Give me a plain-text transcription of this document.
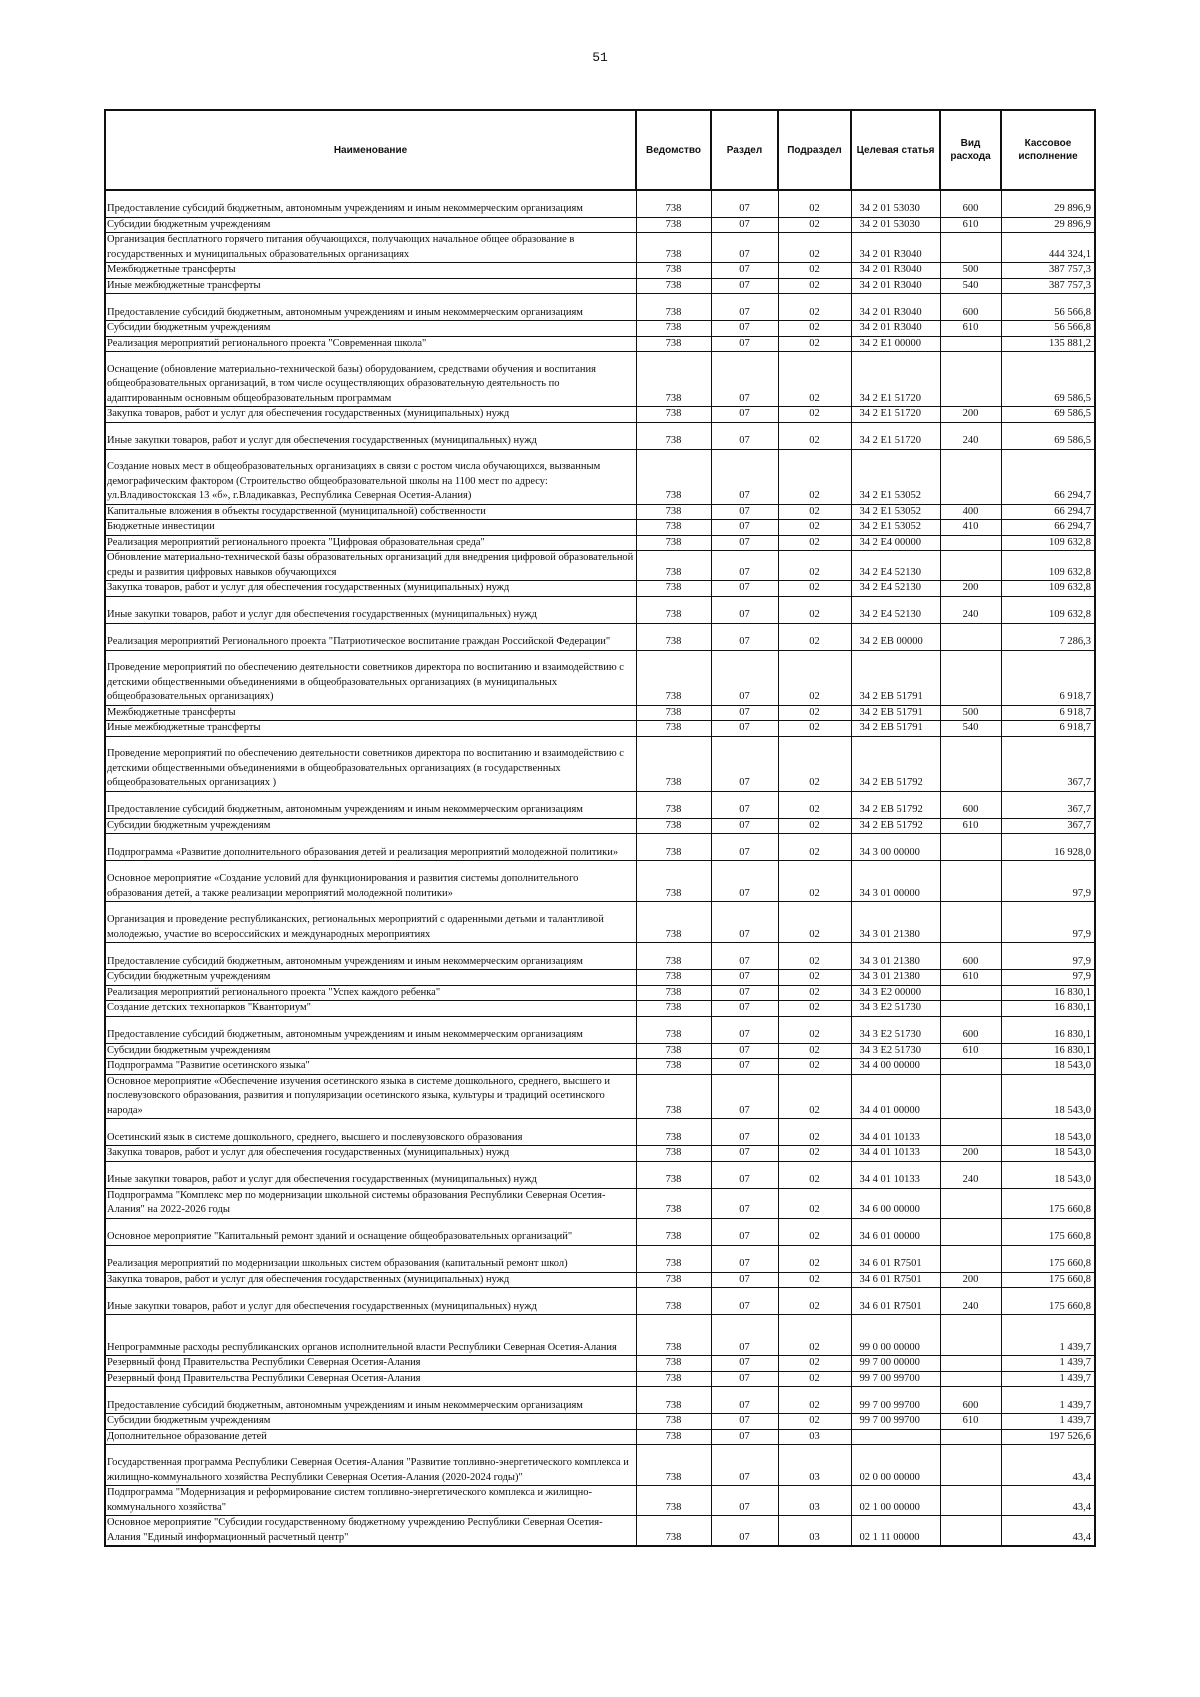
51
Наименование	Ведомство	Раздел	Подраздел	Целевая статья	Вид расхода	Кассовое исполнение
Предоставление субсидий бюджетным, автономным учреждениям и иным некоммерческим организациям	738	07	02	34 2 01 53030	600	29 896,9
Субсидии бюджетным учреждениям	738	07	02	34 2 01 53030	610	29 896,9
Организация бесплатного горячего питания обучающихся, получающих начальное общее образование в государственных и муниципальных образовательных организациях	738	07	02	34 2 01 R3040		444 324,1
Межбюджетные трансферты	738	07	02	34 2 01 R3040	500	387 757,3
Иные межбюджетные трансферты	738	07	02	34 2 01 R3040	540	387 757,3
Предоставление субсидий бюджетным, автономным учреждениям и иным некоммерческим организациям	738	07	02	34 2 01 R3040	600	56 566,8
Субсидии бюджетным учреждениям	738	07	02	34 2 01 R3040	610	56 566,8
Реализация мероприятий регионального проекта "Современная школа"	738	07	02	34 2 E1 00000		135 881,2
Оснащение (обновление материально-технической базы) оборудованием, средствами обучения и воспитания общеобразовательных организаций, в том числе осуществляющих образовательную деятельность по адаптированным основным общеобразовательным программам	738	07	02	34 2 E1 51720		69 586,5
Закупка товаров, работ и услуг для обеспечения государственных (муниципальных) нужд	738	07	02	34 2 E1 51720	200	69 586,5
Иные закупки товаров, работ и услуг для обеспечения государственных (муниципальных) нужд	738	07	02	34 2 E1 51720	240	69 586,5
Создание новых мест в общеобразовательных организациях в связи с ростом числа обучающихся, вызванным демографическим фактором (Строительство общеобразовательной школы на 1100 мест по адресу: ул.Владивостокская 13 «б», г.Владикавказ, Республика Северная Осетия-Алания)	738	07	02	34 2 E1 53052		66 294,7
Капитальные вложения в объекты государственной (муниципальной) собственности	738	07	02	34 2 E1 53052	400	66 294,7
Бюджетные инвестиции	738	07	02	34 2 E1 53052	410	66 294,7
Реализация мероприятий регионального проекта "Цифровая образовательная среда"	738	07	02	34 2 E4 00000		109 632,8
Обновление материально-технической базы образовательных организаций для внедрения цифровой образовательной среды и развития цифровых навыков обучающихся	738	07	02	34 2 E4 52130		109 632,8
Закупка товаров, работ и услуг для обеспечения государственных (муниципальных) нужд	738	07	02	34 2 E4 52130	200	109 632,8
Иные закупки товаров, работ и услуг для обеспечения государственных (муниципальных) нужд	738	07	02	34 2 E4 52130	240	109 632,8
Реализация мероприятий Регионального проекта "Патриотическое воспитание граждан Российской Федерации"	738	07	02	34 2 EB 00000		7 286,3
Проведение мероприятий по обеспечению деятельности советников директора по воспитанию и взаимодействию с детскими общественными объединениями в общеобразовательных организациях (в муниципальных общеобразовательных организациях)	738	07	02	34 2 EB 51791		6 918,7
Межбюджетные трансферты	738	07	02	34 2 EB 51791	500	6 918,7
Иные межбюджетные трансферты	738	07	02	34 2 EB 51791	540	6 918,7
Проведение мероприятий по обеспечению деятельности советников директора по воспитанию и взаимодействию с детскими общественными объединениями в общеобразовательных организациях (в государственных общеобразовательных организациях )	738	07	02	34 2 EB 51792		367,7
Предоставление субсидий бюджетным, автономным учреждениям и иным некоммерческим организациям	738	07	02	34 2 EB 51792	600	367,7
Субсидии бюджетным учреждениям	738	07	02	34 2 EB 51792	610	367,7
Подпрограмма «Развитие дополнительного образования детей и реализация мероприятий молодежной политики»	738	07	02	34 3 00 00000		16 928,0
Основное мероприятие «Создание условий для функционирования и развития системы дополнительного образования детей, а также реализации мероприятий молодежной политики»	738	07	02	34 3 01 00000		97,9
Организация и проведение республиканских, региональных мероприятий с одаренными детьми и талантливой молодежью, участие во всероссийских и международных мероприятиях	738	07	02	34 3 01 21380		97,9
Предоставление субсидий бюджетным, автономным учреждениям и иным некоммерческим организациям	738	07	02	34 3 01 21380	600	97,9
Субсидии бюджетным учреждениям	738	07	02	34 3 01 21380	610	97,9
Реализация мероприятий регионального проекта "Успех каждого ребенка"	738	07	02	34 3 E2 00000		16 830,1
Создание детских технопарков "Кванториум"	738	07	02	34 3 E2 51730		16 830,1
Предоставление субсидий бюджетным, автономным учреждениям и иным некоммерческим организациям	738	07	02	34 3 E2 51730	600	16 830,1
Субсидии бюджетным учреждениям	738	07	02	34 3 E2 51730	610	16 830,1
Подпрограмма "Развитие осетинского языка"	738	07	02	34 4 00 00000		18 543,0
Основное мероприятие «Обеспечение изучения осетинского языка в системе дошкольного, среднего, высшего и послевузовского образования, развития и популяризации осетинского языка, культуры и традиций осетинского народа»	738	07	02	34 4 01 00000		18 543,0
Осетинский язык в системе дошкольного, среднего, высшего и послевузовского образования	738	07	02	34 4 01 10133		18 543,0
Закупка товаров, работ и услуг для обеспечения государственных (муниципальных) нужд	738	07	02	34 4 01 10133	200	18 543,0
Иные закупки товаров, работ и услуг для обеспечения государственных (муниципальных) нужд	738	07	02	34 4 01 10133	240	18 543,0
Подпрограмма "Комплекс мер по модернизации школьной системы образования Республики Северная Осетия-Алания" на 2022-2026 годы	738	07	02	34 6 00 00000		175 660,8
Основное мероприятие "Капитальный ремонт зданий и оснащение общеобразовательных организаций"	738	07	02	34 6 01 00000		175 660,8
Реализация мероприятий по модернизации школьных систем образования (капитальный ремонт школ)	738	07	02	34 6 01 R7501		175 660,8
Закупка товаров, работ и услуг для обеспечения государственных (муниципальных) нужд	738	07	02	34 6 01 R7501	200	175 660,8
Иные закупки товаров, работ и услуг для обеспечения государственных (муниципальных) нужд	738	07	02	34 6 01 R7501	240	175 660,8
Непрограммные расходы республиканских органов исполнительной власти Республики Северная Осетия-Алания	738	07	02	99 0 00 00000		1 439,7
Резервный фонд Правительства Республики Северная Осетия-Алания	738	07	02	99 7 00 00000		1 439,7
Резервный фонд Правительства Республики Северная Осетия-Алания	738	07	02	99 7 00 99700		1 439,7
Предоставление субсидий бюджетным, автономным учреждениям и иным некоммерческим организациям	738	07	02	99 7 00 99700	600	1 439,7
Субсидии бюджетным учреждениям	738	07	02	99 7 00 99700	610	1 439,7
Дополнительное образование детей	738	07	03			197 526,6
Государственная программа Республики Северная Осетия-Алания "Развитие топливно-энергетического комплекса и жилищно-коммунального хозяйства Республики Северная Осетия-Алания (2020-2024 годы)"	738	07	03	02 0 00 00000		43,4
Подпрограмма "Модернизация и реформирование систем топливно-энергетического комплекса и жилищно-коммунального хозяйства"	738	07	03	02 1 00 00000		43,4
Основное мероприятие "Субсидии государственному бюджетному учреждению Республики Северная Осетия-Алания "Единый информационный расчетный центр"	738	07	03	02 1 11 00000		43,4
